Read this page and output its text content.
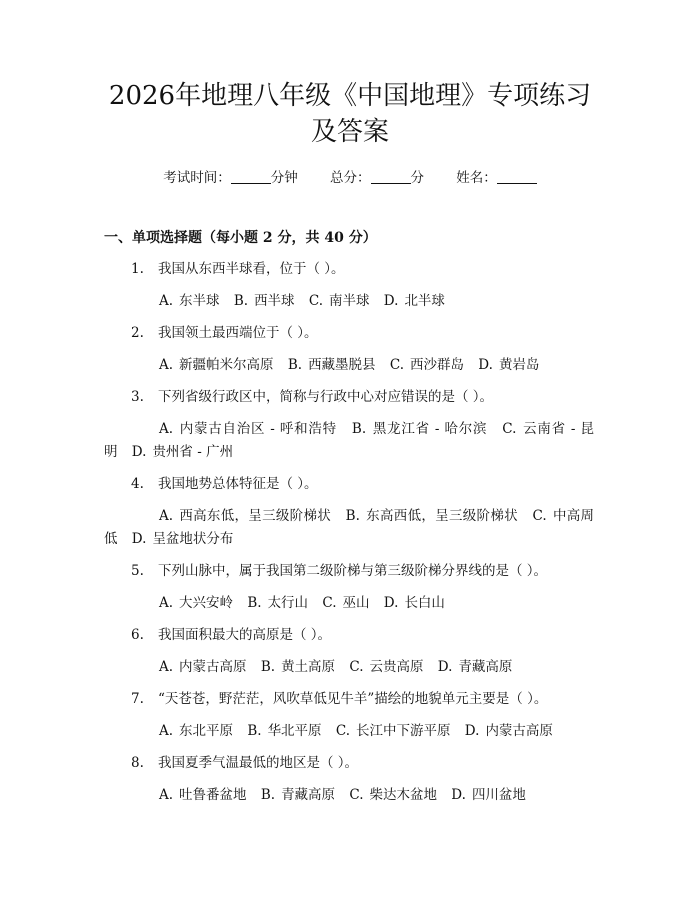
2026年地理八年级《中国地理》专项练习及答案
考试时间：	分钟 总分：	分 姓名：
一、单项选择题（每小题 2 分，共 40 分）
1. 我国从东西半球看，位于（ ）。
A. 东半球 B. 西半球 C. 南半球 D. 北半球
2. 我国领土最西端位于（ ）。
A. 新疆帕米尔高原 B. 西藏墨脱县 C. 西沙群岛 D. 黄岩岛
3. 下列省级行政区中，简称与行政中心对应错误的是（ ）。
A. 内蒙古自治区 - 呼和浩特 B. 黑龙江省 - 哈尔滨 C. 云南省 - 昆明 D. 贵州省 - 广州
4. 我国地势总体特征是（ ）。
A. 西高东低，呈三级阶梯状 B. 东高西低，呈三级阶梯状 C. 中高周低 D. 呈盆地状分布
5. 下列山脉中，属于我国第二级阶梯与第三级阶梯分界线的是（ ）。
A. 大兴安岭 B. 太行山 C. 巫山 D. 长白山
6. 我国面积最大的高原是（ ）。
A. 内蒙古高原 B. 黄土高原 C. 云贵高原 D. 青藏高原
7. “天苍苍，野茫茫，风吹草低见牛羊”描绘的地貌单元主要是（ ）。
A. 东北平原 B. 华北平原 C. 长江中下游平原 D. 内蒙古高原
8. 我国夏季气温最低的地区是（ ）。
A. 吐鲁番盆地 B. 青藏高原 C. 柴达木盆地 D. 四川盆地
